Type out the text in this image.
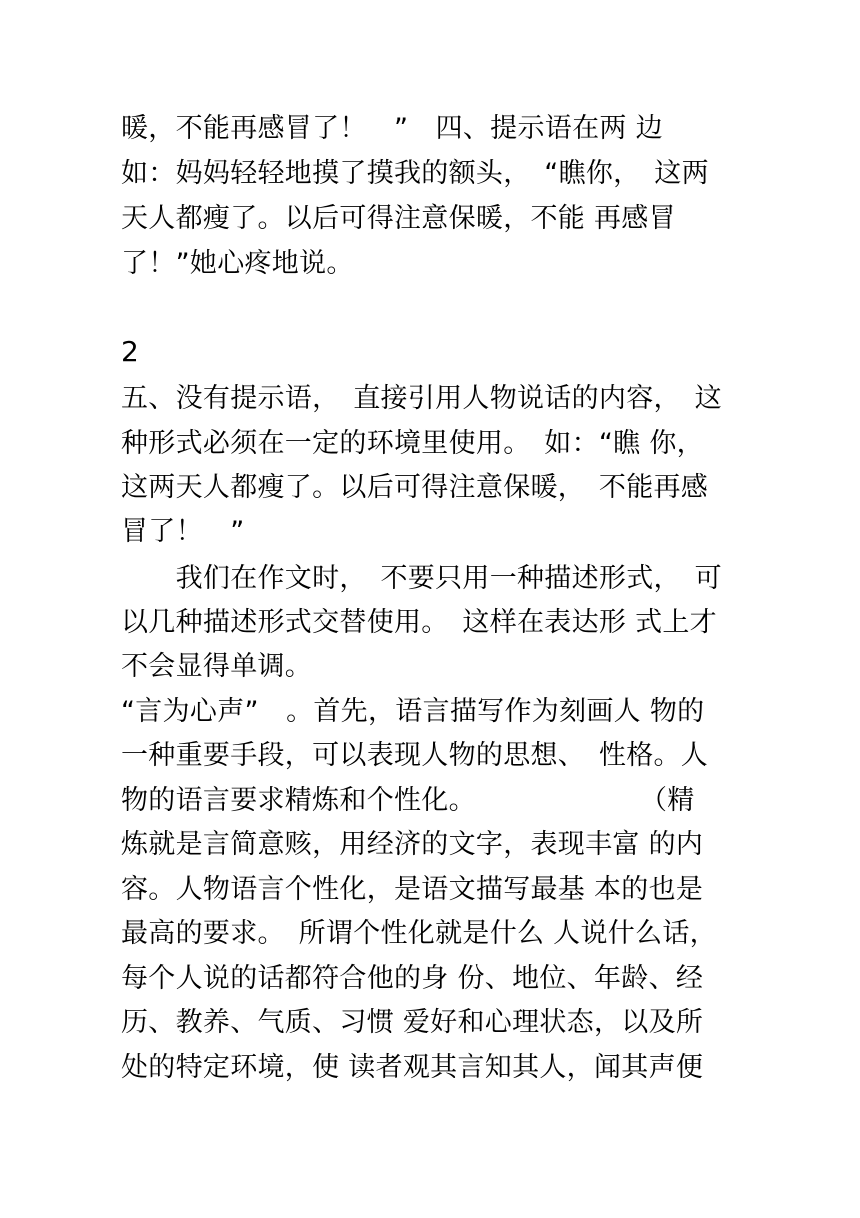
暖，不能再感冒了！　”　四、提示语在两 边
如：妈妈轻轻地摸了摸我的额头，　“瞧你，　这两
天人都瘦了。以后可得注意保暖，不能 再感冒
了！”她心疼地说。
2
五、没有提示语，　直接引用人物说话的内容，　这
种形式必须在一定的环境里使用。　如：“瞧 你，
这两天人都瘦了。以后可得注意保暖，　不能再感
冒了！　”
　　我们在作文时，　不要只用一种描述形式，　可
以几种描述形式交替使用。　这样在表达形 式上才
不会显得单调。
“言为心声”　。首先，语言描写作为刻画人 物的
一种重要手段，可以表现人物的思想、　性格。人
物的语言要求精炼和个性化。　　　　　　　（精
炼就是言简意赅，用经济的文字，表现丰富 的内
容。人物语言个性化，是语文描写最基 本的也是
最高的要求。　所谓个性化就是什么 人说什么话，
每个人说的话都符合他的身 份、地位、年龄、经
历、教养、气质、习惯 爱好和心理状态，以及所
处的特定环境，使 读者观其言知其人，闻其声便
